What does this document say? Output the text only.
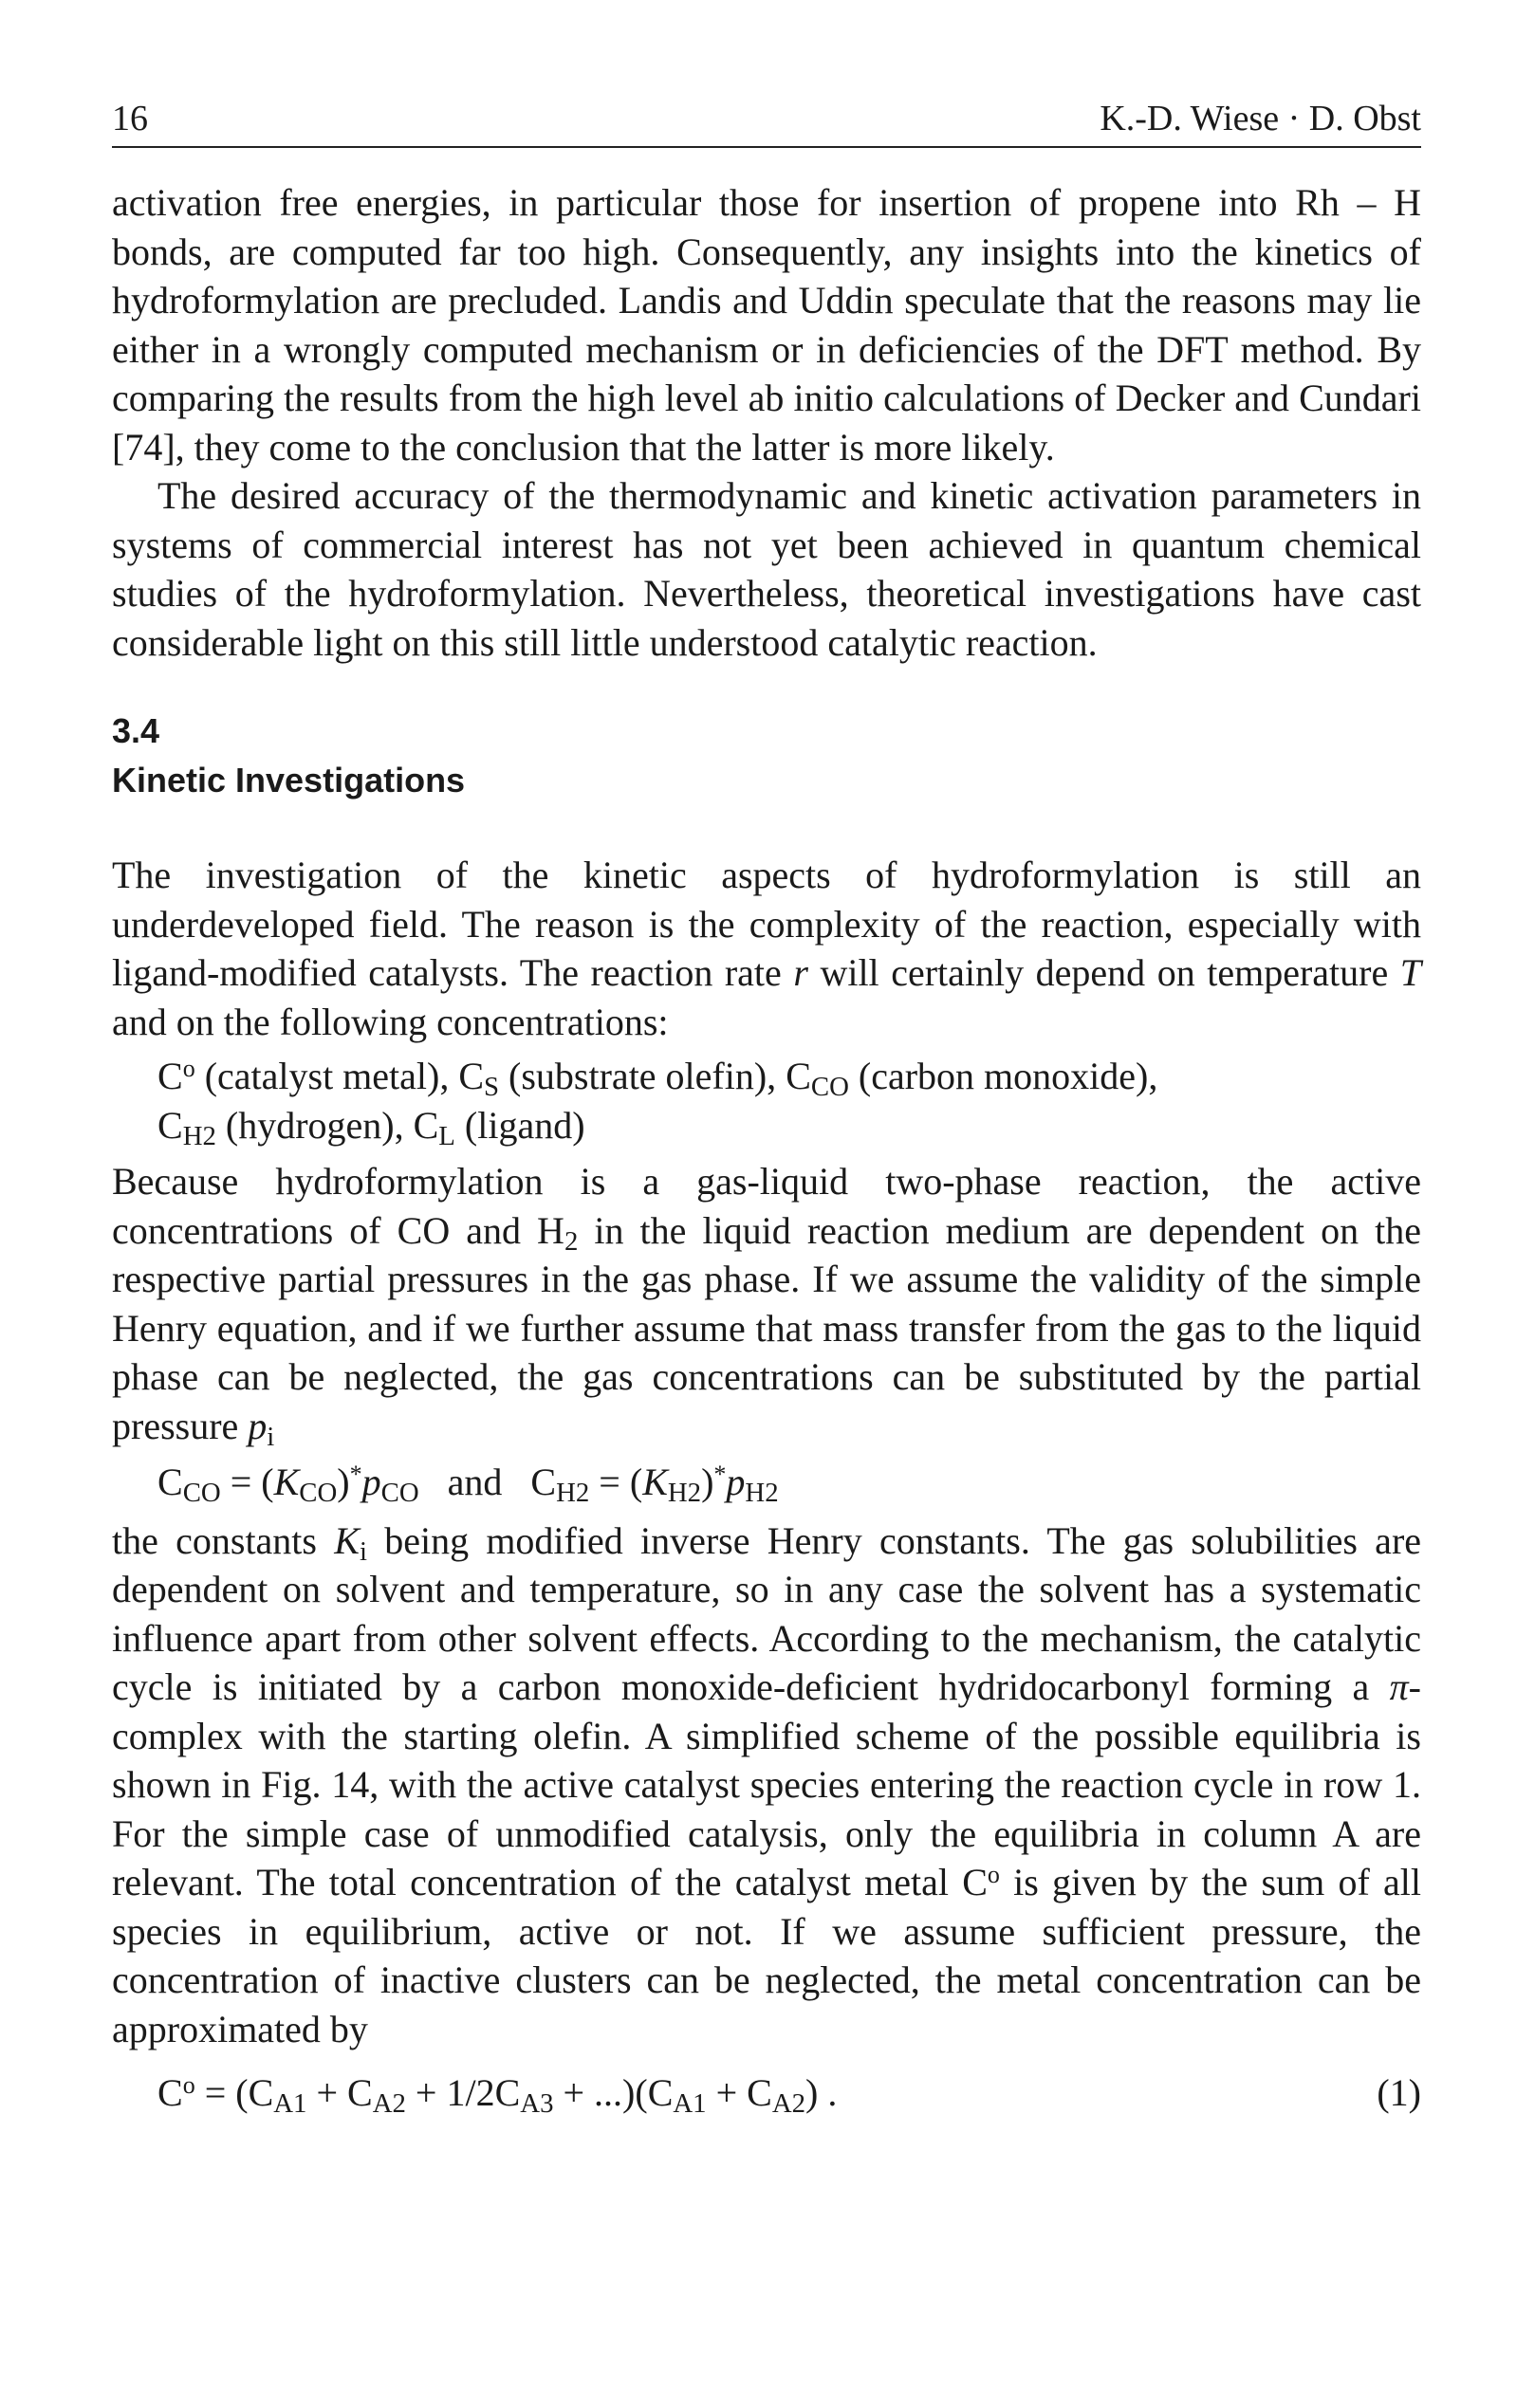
16	K.-D. Wiese · D. Obst

activation free energies, in particular those for insertion of propene into Rh – H bonds, are computed far too high. Consequently, any insights into the kinetics of hydroformylation are precluded. Landis and Uddin speculate that the reasons may lie either in a wrongly computed mechanism or in deficiencies of the DFT method. By comparing the results from the high level ab initio calculations of Decker and Cundari [74], they come to the conclusion that the latter is more likely.

The desired accuracy of the thermodynamic and kinetic activation parameters in systems of commercial interest has not yet been achieved in quantum chemical studies of the hydroformylation. Nevertheless, theoretical investigations have cast considerable light on this still little understood catalytic reaction.

3.4
Kinetic Investigations

The investigation of the kinetic aspects of hydroformylation is still an underdeveloped field. The reason is the complexity of the reaction, especially with ligand-modified catalysts. The reaction rate r will certainly depend on temperature T and on the following concentrations:

$C^o$ (catalyst metal), $C_S$ (substrate olefin), $C_{CO}$ (carbon monoxide),
$C_{H2}$ (hydrogen), $C_L$ (ligand)

Because hydroformylation is a gas-liquid two-phase reaction, the active concentrations of CO and $H_2$ in the liquid reaction medium are dependent on the respective partial pressures in the gas phase. If we assume the validity of the simple Henry equation, and if we further assume that mass transfer from the gas to the liquid phase can be neglected, the gas concentrations can be substituted by the partial pressure $p_i$

$C_{CO} = (K_{CO})^*p_{CO}$   and   $C_{H2} = (K_{H2})^*p_{H2}$

the constants $K_i$ being modified inverse Henry constants. The gas solubilities are dependent on solvent and temperature, so in any case the solvent has a systematic influence apart from other solvent effects. According to the mechanism, the catalytic cycle is initiated by a carbon monoxide-deficient hydridocarbonyl forming a π-complex with the starting olefin. A simplified scheme of the possible equilibria is shown in Fig. 14, with the active catalyst species entering the reaction cycle in row 1. For the simple case of unmodified catalysis, only the equilibria in column A are relevant. The total concentration of the catalyst metal $C^o$ is given by the sum of all species in equilibrium, active or not. If we assume sufficient pressure, the concentration of inactive clusters can be neglected, the metal concentration can be approximated by

$C^o = (C_{A1} + C_{A2} + 1/2C_{A3} + ...)(C_{A1} + C_{A2})$ .	(1)
